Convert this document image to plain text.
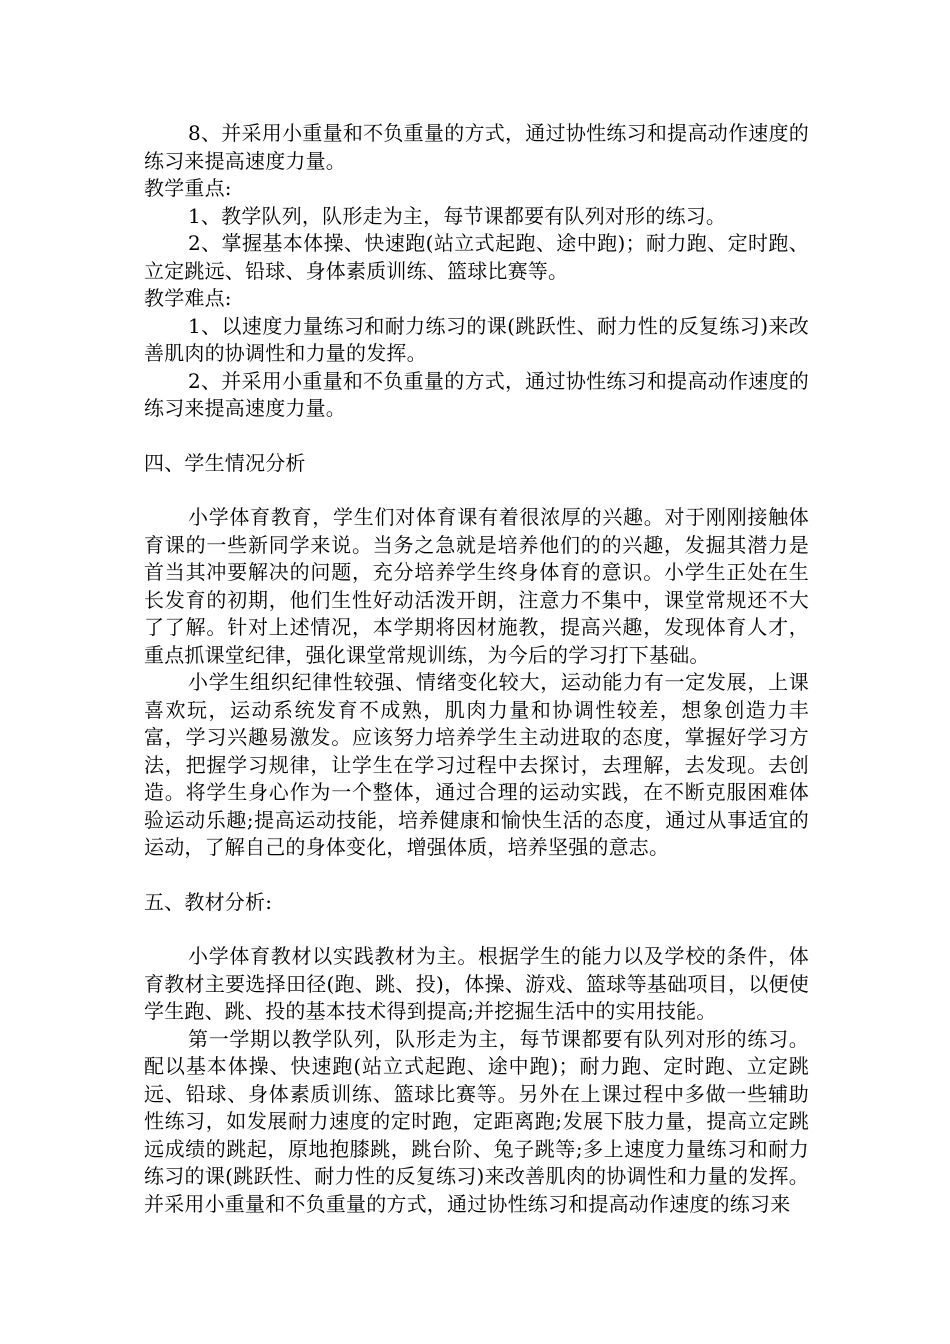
8、并采用小重量和不负重量的方式，通过协性练习和提高动作速度的练习来提高速度力量。

教学重点:

1、教学队列，队形走为主，每节课都要有队列对形的练习。

2、掌握基本体操、快速跑(站立式起跑、途中跑)；耐力跑、定时跑、立定跳远、铅球、身体素质训练、篮球比赛等。

教学难点:

1、以速度力量练习和耐力练习的课(跳跃性、耐力性的反复练习)来改善肌肉的协调性和力量的发挥。

2、并采用小重量和不负重量的方式，通过协性练习和提高动作速度的练习来提高速度力量。

四、学生情况分析

小学体育教育，学生们对体育课有着很浓厚的兴趣。对于刚刚接触体育课的一些新同学来说。当务之急就是培养他们的的兴趣，发掘其潜力是首当其冲要解决的问题，充分培养学生终身体育的意识。小学生正处在生长发育的初期，他们生性好动活泼开朗，注意力不集中，课堂常规还不大了了解。针对上述情况，本学期将因材施教，提高兴趣，发现体育人才，重点抓课堂纪律，强化课堂常规训练，为今后的学习打下基础。

小学生组织纪律性较强、情绪变化较大，运动能力有一定发展，上课喜欢玩，运动系统发育不成熟，肌肉力量和协调性较差，想象创造力丰富，学习兴趣易激发。应该努力培养学生主动进取的态度，掌握好学习方法，把握学习规律，让学生在学习过程中去探讨，去理解，去发现。去创造。将学生身心作为一个整体，通过合理的运动实践，在不断克服困难体验运动乐趣;提高运动技能，培养健康和愉快生活的态度，通过从事适宜的运动，了解自己的身体变化，增强体质，培养坚强的意志。

五、教材分析:

小学体育教材以实践教材为主。根据学生的能力以及学校的条件，体育教材主要选择田径(跑、跳、投)，体操、游戏、篮球等基础项目，以便使学生跑、跳、投的基本技术得到提高;并挖掘生活中的实用技能。

第一学期以教学队列，队形走为主，每节课都要有队列对形的练习。配以基本体操、快速跑(站立式起跑、途中跑)；耐力跑、定时跑、立定跳远、铅球、身体素质训练、篮球比赛等。另外在上课过程中多做一些辅助性练习，如发展耐力速度的定时跑，定距离跑;发展下肢力量，提高立定跳远成绩的跳起，原地抱膝跳，跳台阶、兔子跳等;多上速度力量练习和耐力练习的课(跳跃性、耐力性的反复练习)来改善肌肉的协调性和力量的发挥。并采用小重量和不负重量的方式，通过协性练习和提高动作速度的练习来
